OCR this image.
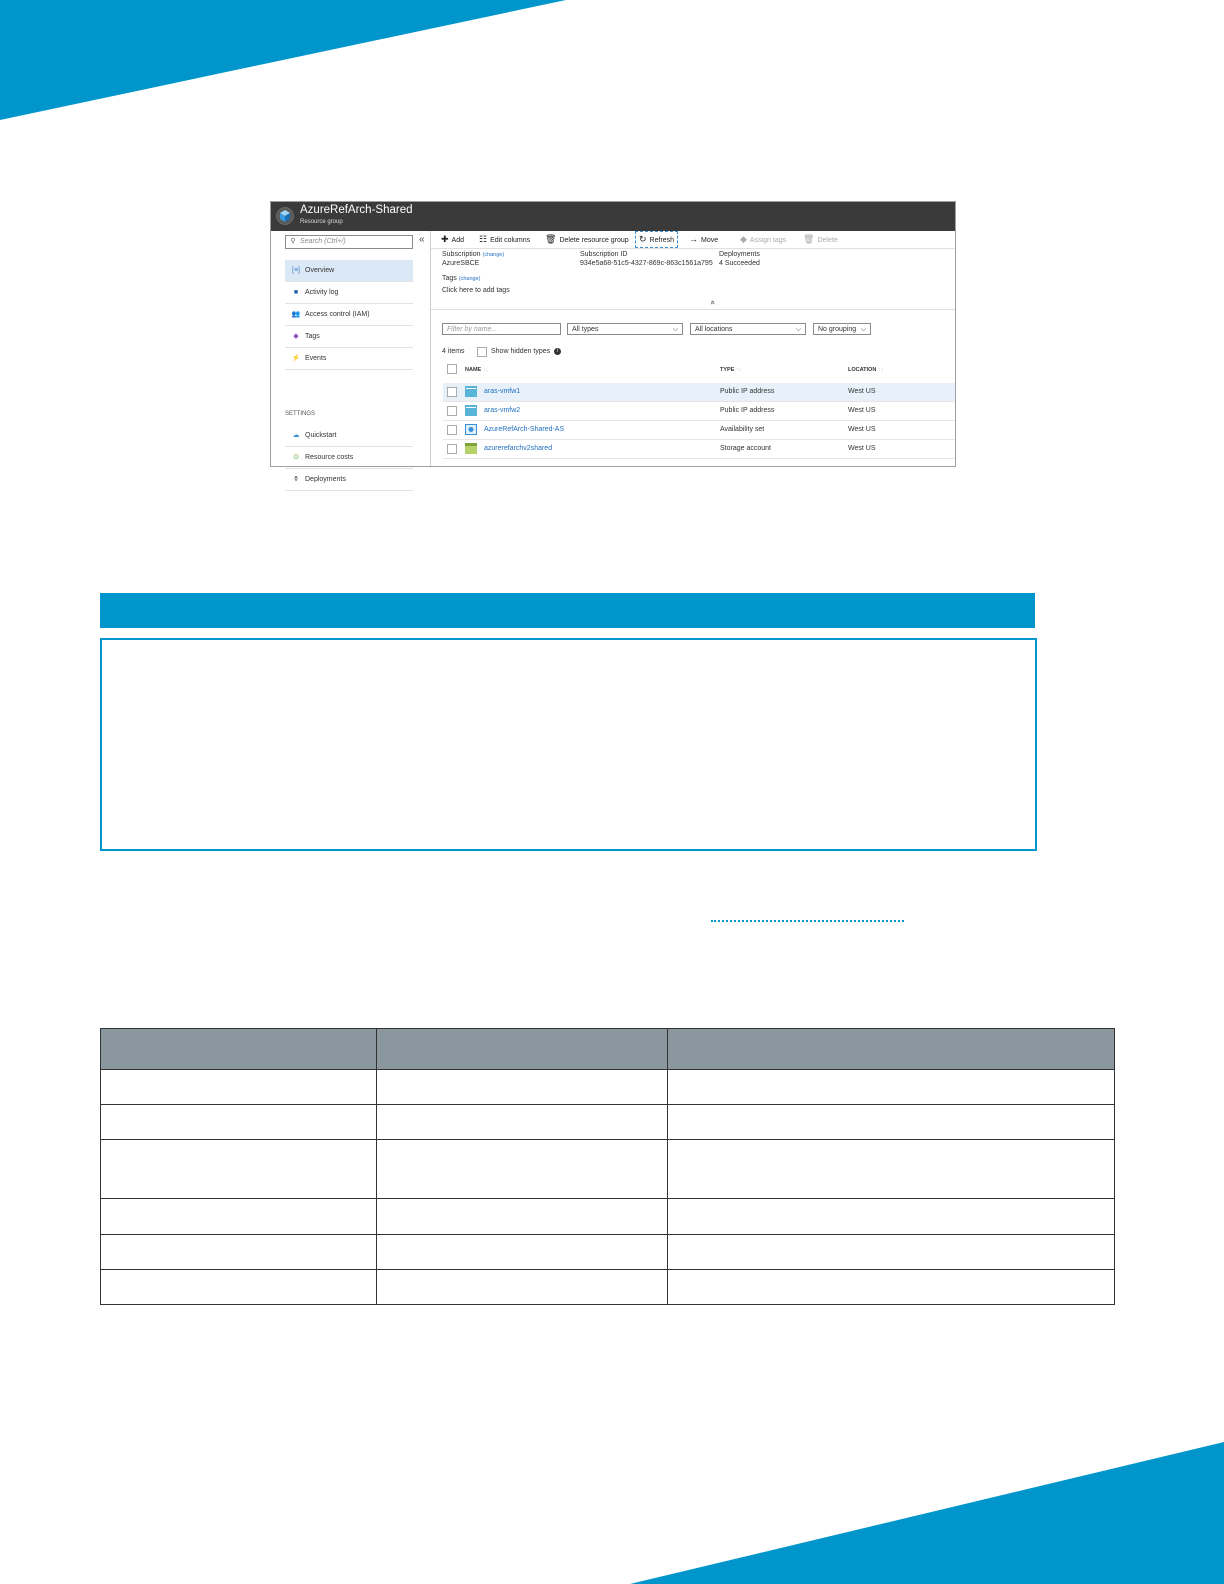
AzureRefArch-Shared
Resource group
⚲ Search (Ctrl+/)	«
[≡] Overview
■ Activity log
👥 Access control (IAM)
◆ Tags
⚡ Events
SETTINGS
☁ Quickstart
⊙ Resource costs
⚱ Deployments
✚ Add ☷ Edit columns 🗑 Delete resource group	↻ Refresh	→ Move ◆ Assign tags 🗑 Delete
Subscription (change)
AzureSBCE
Subscription ID
934e5a68-51c5-4327-869c-863c1561a795
Deployments
4 Succeeded
Tags (change)
Click here to add tags
«
Filter by name...	All types	⌵	All locations	⌵	No grouping ⌵
4 items	Show hidden types	i
NAME ↑↓	TYPE ↑↓	LOCATION ↑↓
aras-vmfw1	Public IP address	West US
aras-vmfw2	Public IP address	West US
AzureRefArch-Shared-AS	Availability set	West US
azurerefarchv2shared	Storage account	West US
